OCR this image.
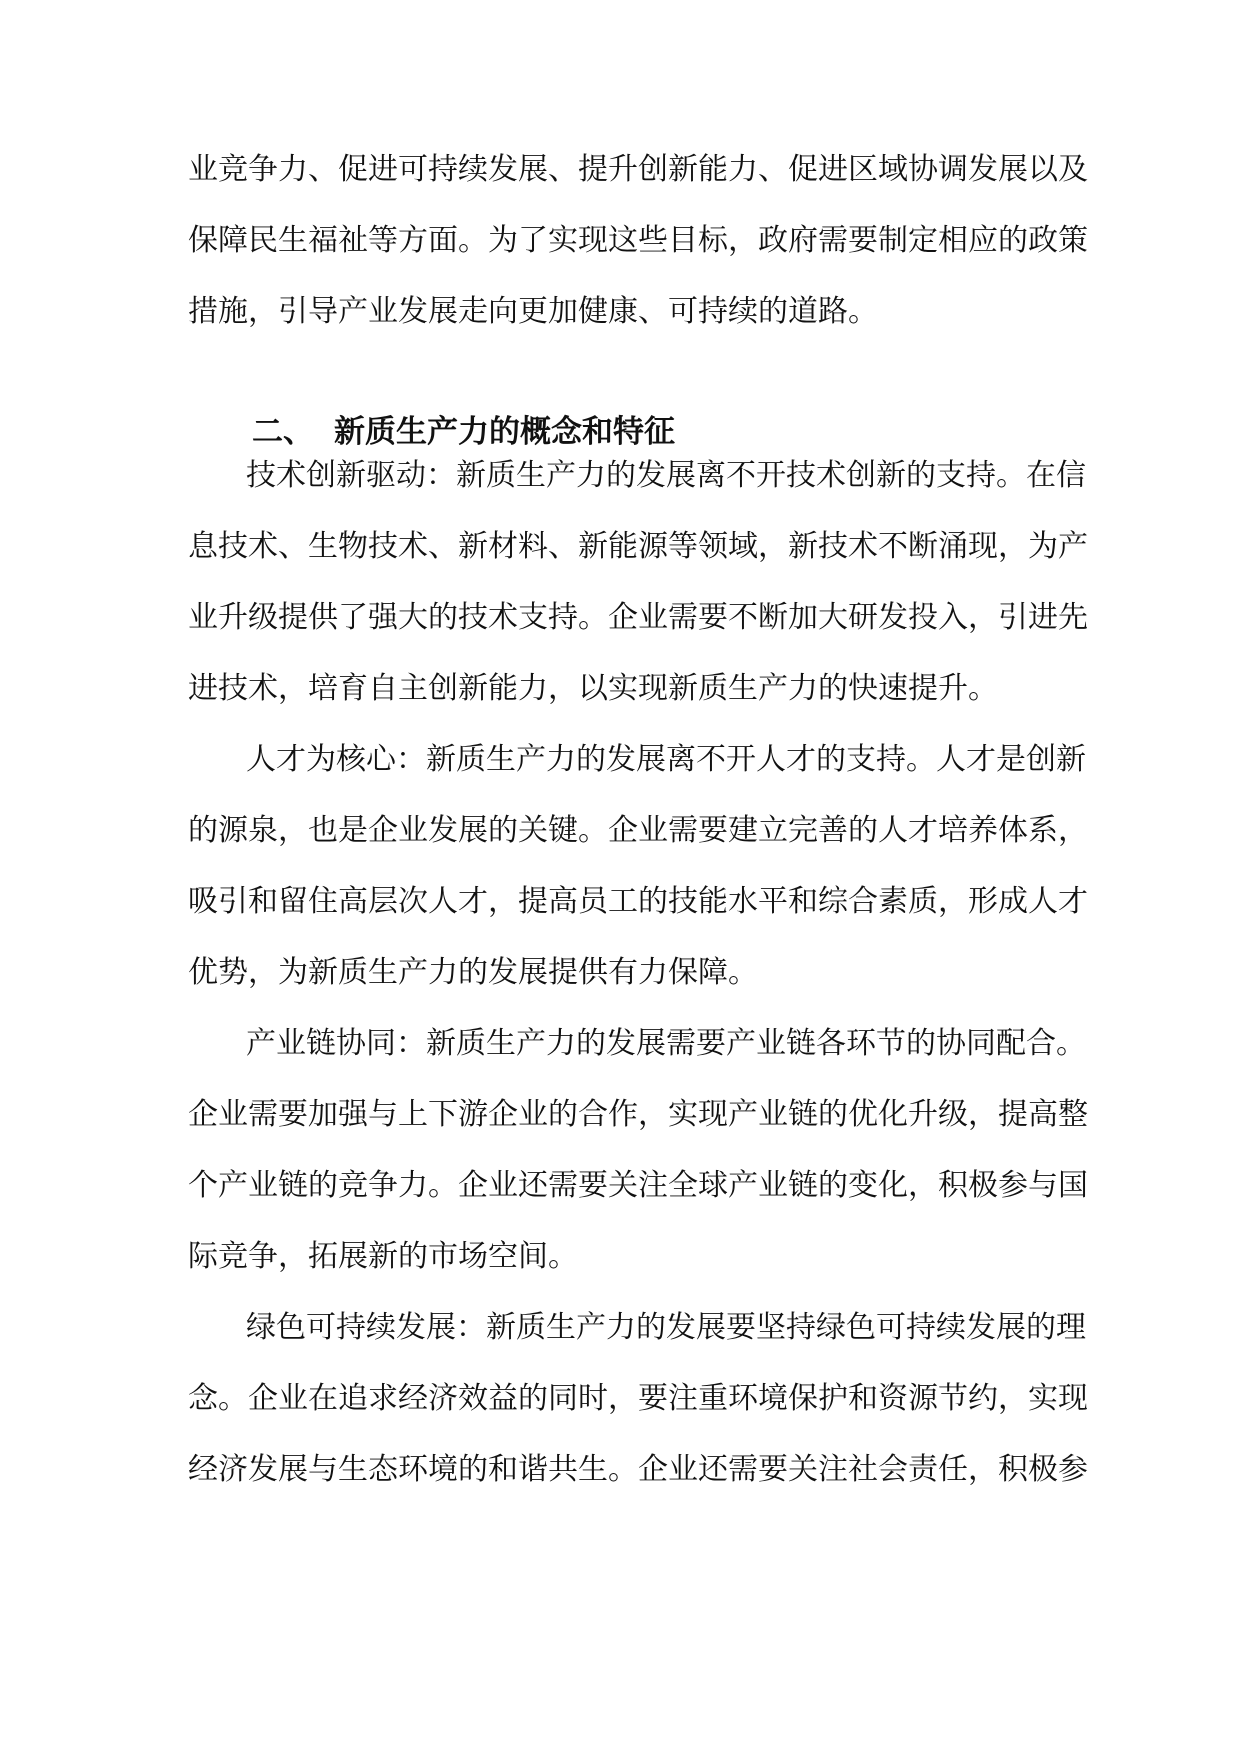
业竞争力、促进可持续发展、提升创新能力、促进区域协调发展以及
保障民生福祉等方面。为了实现这些目标，政府需要制定相应的政策
措施，引导产业发展走向更加健康、可持续的道路。
二、 新质生产力的概念和特征
技术创新驱动：新质生产力的发展离不开技术创新的支持。在信
息技术、生物技术、新材料、新能源等领域，新技术不断涌现，为产
业升级提供了强大的技术支持。企业需要不断加大研发投入，引进先
进技术，培育自主创新能力，以实现新质生产力的快速提升。
人才为核心：新质生产力的发展离不开人才的支持。人才是创新
的源泉，也是企业发展的关键。企业需要建立完善的人才培养体系，
吸引和留住高层次人才，提高员工的技能水平和综合素质，形成人才
优势，为新质生产力的发展提供有力保障。
产业链协同：新质生产力的发展需要产业链各环节的协同配合。
企业需要加强与上下游企业的合作，实现产业链的优化升级，提高整
个产业链的竞争力。企业还需要关注全球产业链的变化，积极参与国
际竞争，拓展新的市场空间。
绿色可持续发展：新质生产力的发展要坚持绿色可持续发展的理
念。企业在追求经济效益的同时，要注重环境保护和资源节约，实现
经济发展与生态环境的和谐共生。企业还需要关注社会责任，积极参
